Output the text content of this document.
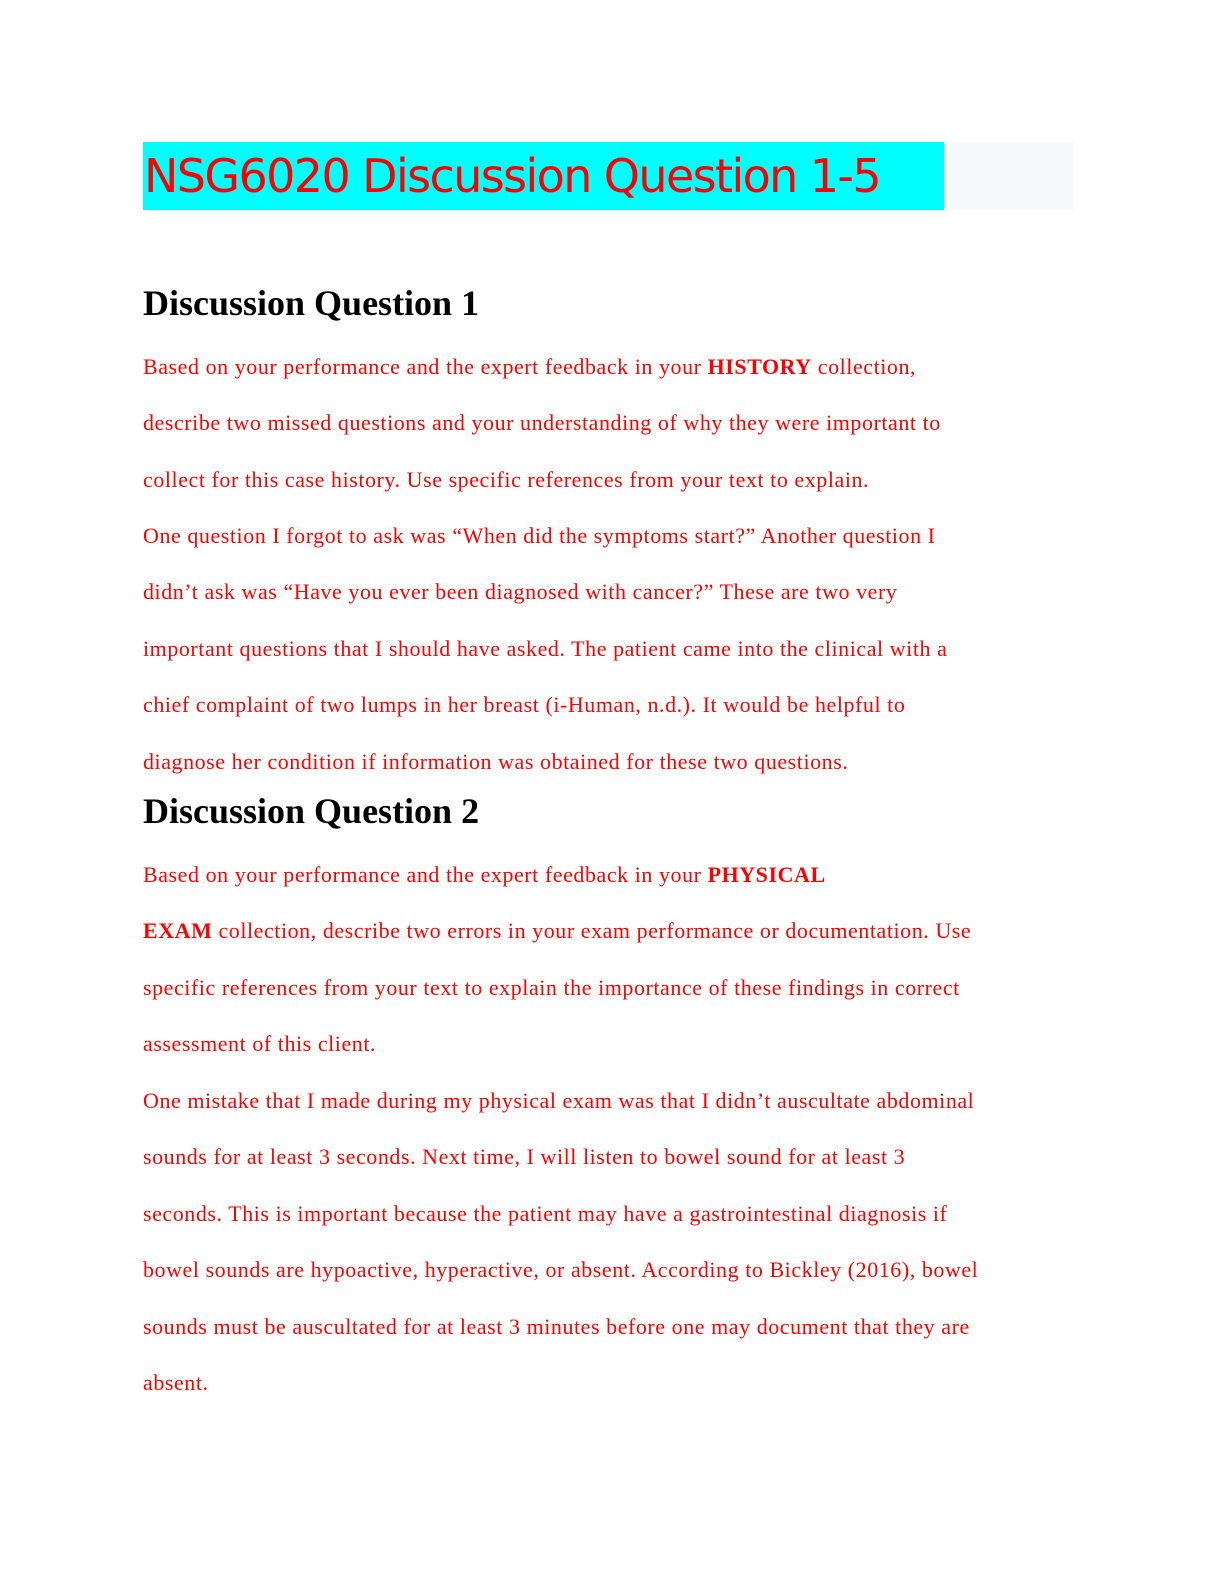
NSG6020 Discussion Question 1-5
Discussion Question 1
Based on your performance and the expert feedback in your HISTORY collection,
describe two missed questions and your understanding of why they were important to
collect for this case history. Use specific references from your text to explain.
One question I forgot to ask was “When did the symptoms start?” Another question I
didn’t ask was “Have you ever been diagnosed with cancer?” These are two very
important questions that I should have asked. The patient came into the clinical with a
chief complaint of two lumps in her breast (i-Human, n.d.). It would be helpful to
diagnose her condition if information was obtained for these two questions.
Discussion Question 2
Based on your performance and the expert feedback in your PHYSICAL
EXAM collection, describe two errors in your exam performance or documentation. Use
specific references from your text to explain the importance of these findings in correct
assessment of this client.
One mistake that I made during my physical exam was that I didn’t auscultate abdominal
sounds for at least 3 seconds. Next time, I will listen to bowel sound for at least 3
seconds. This is important because the patient may have a gastrointestinal diagnosis if
bowel sounds are hypoactive, hyperactive, or absent. According to Bickley (2016), bowel
sounds must be auscultated for at least 3 minutes before one may document that they are
absent.
